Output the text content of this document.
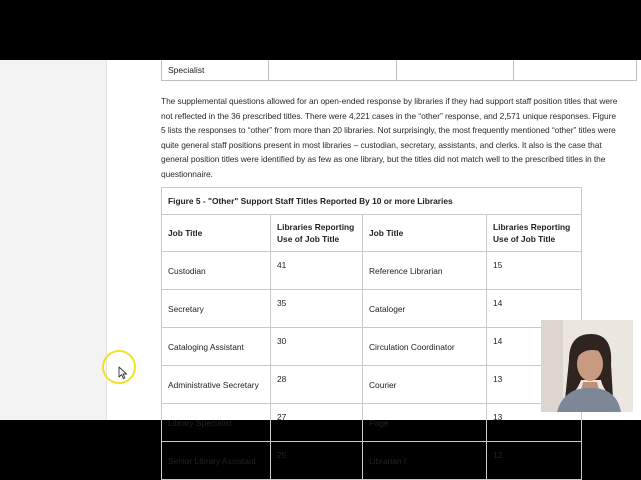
Specialist			

The supplemental questions allowed for an open-ended response by libraries if they had support staff position titles that were not reflected in the 36 prescribed titles. There were 4,221 cases in the “other” response, and 2,571 unique responses. Figure 5 lists the responses to “other” from more than 20 libraries. Not surprisingly, the most frequently mentioned “other” titles were quite general staff positions present in most libraries – custodian, secretary, assistants, and clerks. It also is the case that general position titles were identified by as few as one library, but the titles did not match well to the prescribed titles in the questionnaire.

Figure 5 - "Other" Support Staff Titles Reported By 10 or more Libraries			
Job Title	Libraries Reporting Use of Job Title	Job Title	Libraries Reporting Use of Job Title
Custodian	41	Reference Librarian	15
Secretary	35	Cataloger	14
Cataloging Assistant	30	Circulation Coordinator	14
Administrative Secretary	28	Courier	13
Library Specialist	27	Page	13
Senior Library Assistant	25	Librarian I	12
